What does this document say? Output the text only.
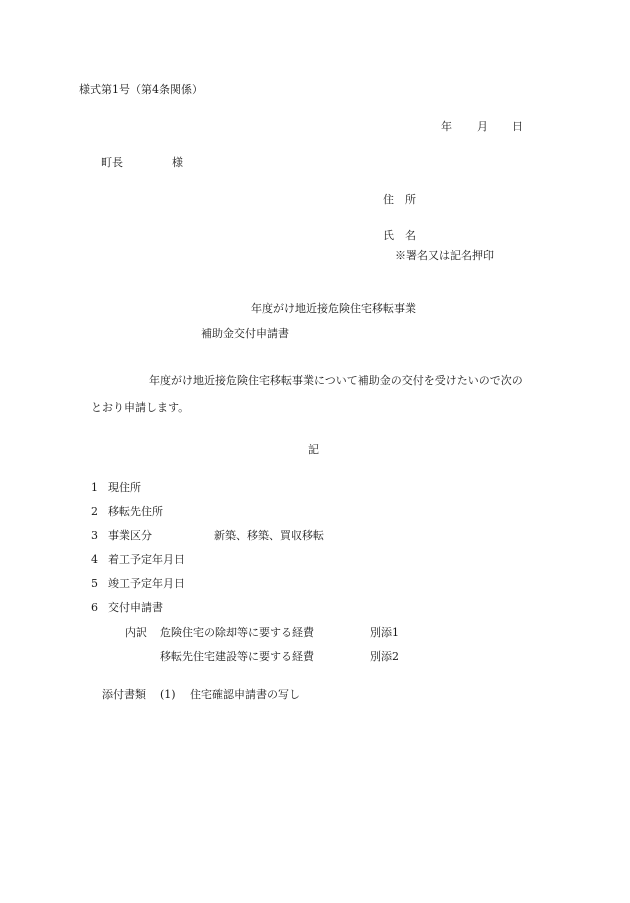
様式第1号（第4条関係）
年 月 日
町長	様
住　所
氏　名
※署名又は記名押印
年度がけ地近接危険住宅移転事業
補助金交付申請書
年度がけ地近接危険住宅移転事業について補助金の交付を受けたいので次の
とおり申請します。
記
1 現住所
2 移転先住所
3 事業区分	新築、移築、買収移転
4 着工予定年月日
5 竣工予定年月日
6 交付申請書
内訳 危険住宅の除却等に要する経費	別添1
移転先住宅建設等に要する経費	別添2
添付書類 (1) 住宅確認申請書の写し
